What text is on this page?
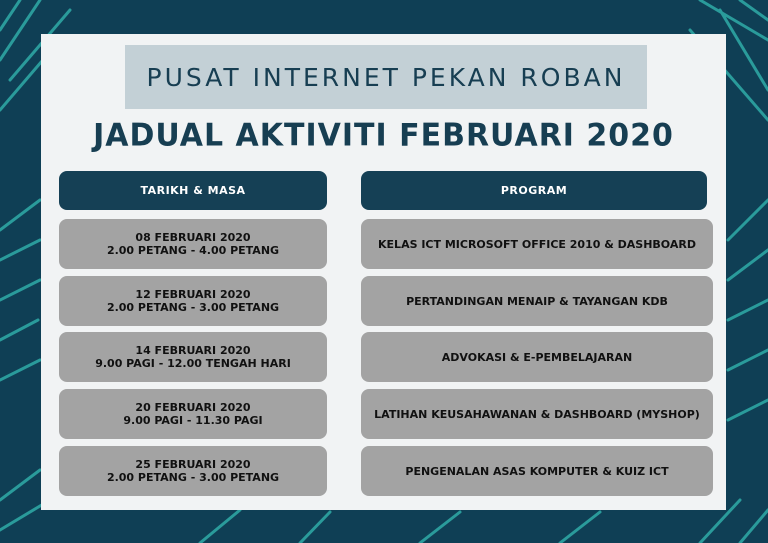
PUSAT INTERNET PEKAN ROBAN
JADUAL AKTIVITI FEBRUARI 2020
TARIKH & MASA	PROGRAM
08 FEBRUARI 2020
2.00 PETANG - 4.00 PETANG	KELAS ICT MICROSOFT OFFICE 2010 & DASHBOARD
12 FEBRUARI 2020
2.00 PETANG - 3.00 PETANG	PERTANDINGAN MENAIP & TAYANGAN KDB
14 FEBRUARI 2020
9.00 PAGI - 12.00 TENGAH HARI	ADVOKASI & E-PEMBELAJARAN
20 FEBRUARI 2020
9.00 PAGI - 11.30 PAGI	LATIHAN KEUSAHAWANAN & DASHBOARD (MYSHOP)
25 FEBRUARI 2020
2.00 PETANG - 3.00 PETANG	PENGENALAN ASAS KOMPUTER & KUIZ ICT
